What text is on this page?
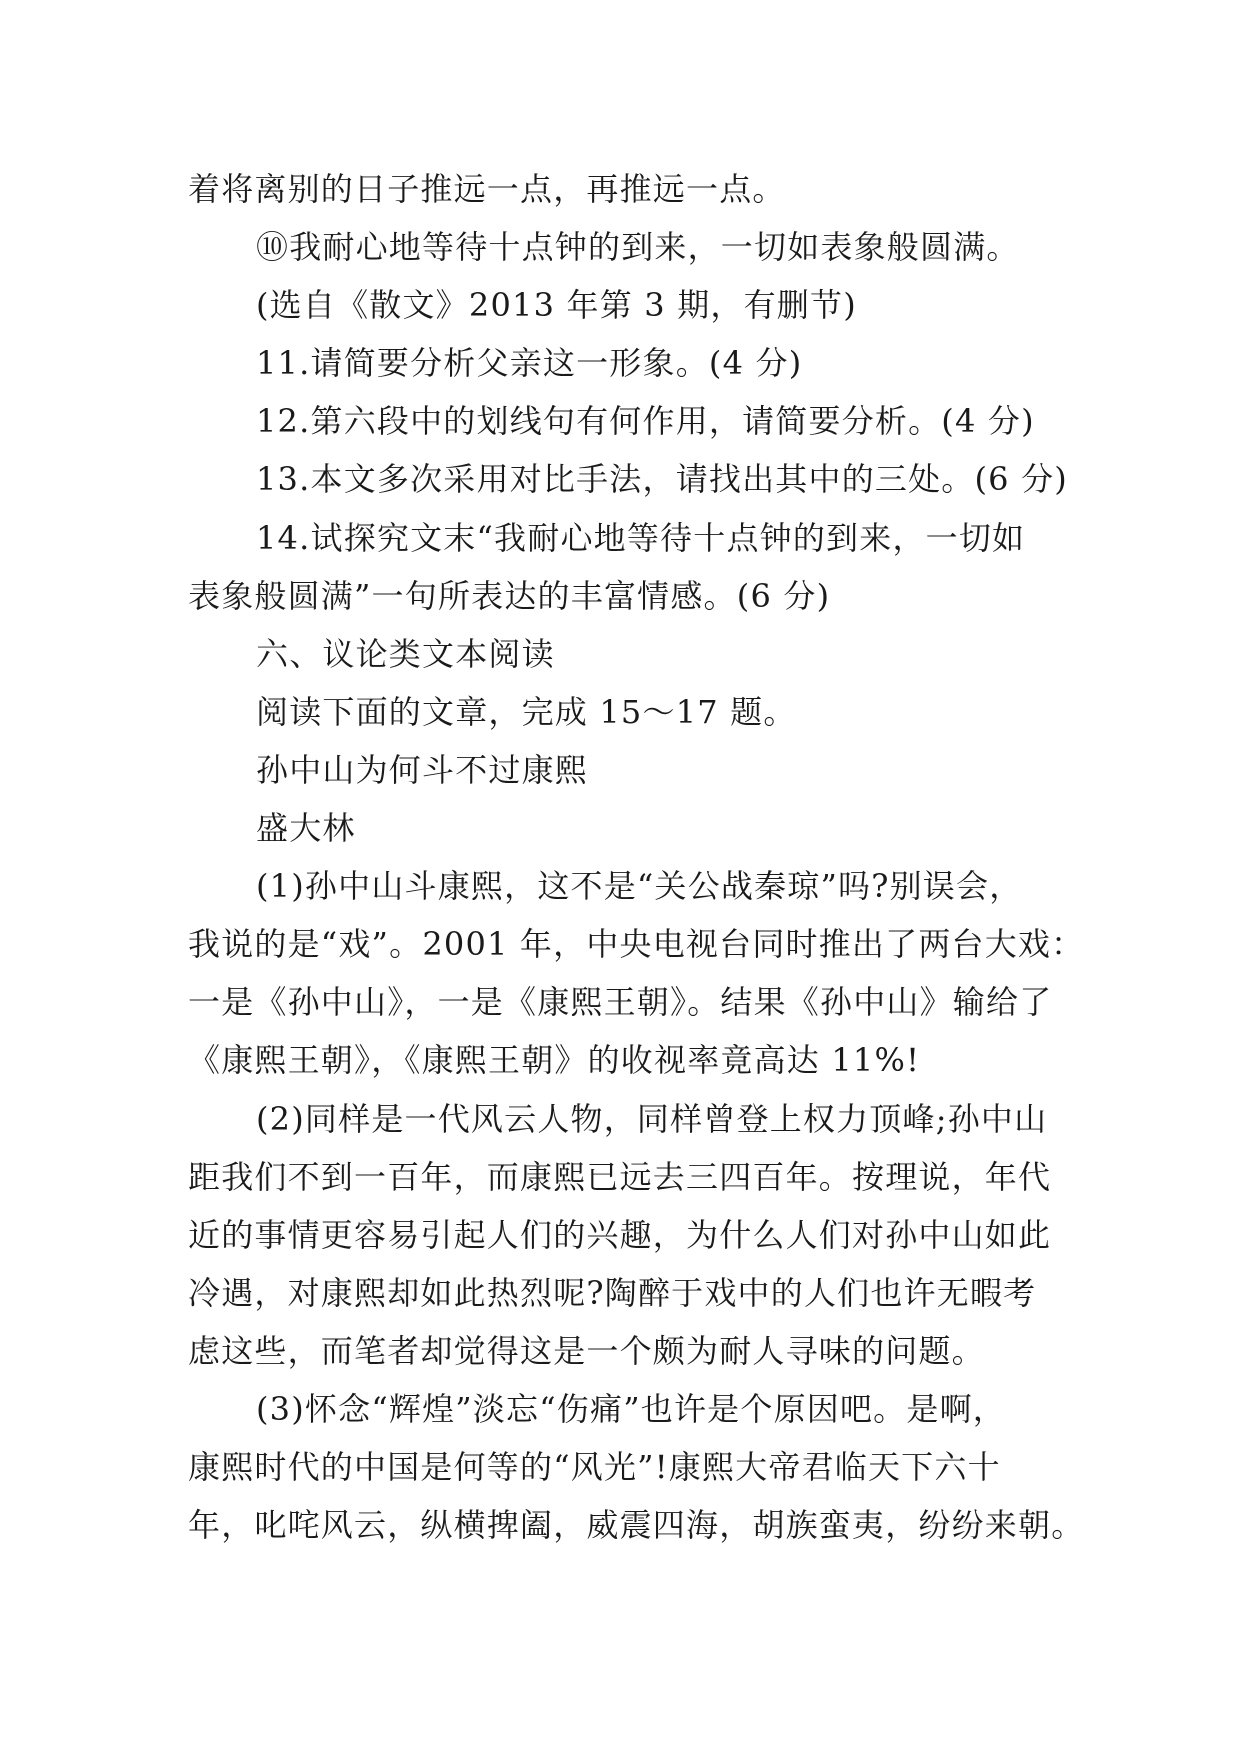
着将离别的日子推远一点，再推远一点。
⑩我耐心地等待十点钟的到来，一切如表象般圆满。
(选自《散文》2013 年第 3 期，有删节)
11.请简要分析父亲这一形象。(4 分)
12.第六段中的划线句有何作用，请简要分析。(4 分)
13.本文多次采用对比手法，请找出其中的三处。(6 分)
14.试探究文末“我耐心地等待十点钟的到来，一切如
表象般圆满”一句所表达的丰富情感。(6 分)
六、议论类文本阅读
阅读下面的文章，完成 15～17 题。
孙中山为何斗不过康熙
盛大林
(1)孙中山斗康熙，这不是“关公战秦琼”吗?别误会，
我说的是“戏”。2001 年，中央电视台同时推出了两台大戏：
一是《孙中山》，一是《康熙王朝》。结果《孙中山》输给了
《康熙王朝》，《康熙王朝》的收视率竟高达 11%!
(2)同样是一代风云人物，同样曾登上权力顶峰;孙中山
距我们不到一百年，而康熙已远去三四百年。按理说，年代
近的事情更容易引起人们的兴趣，为什么人们对孙中山如此
冷遇，对康熙却如此热烈呢?陶醉于戏中的人们也许无暇考
虑这些，而笔者却觉得这是一个颇为耐人寻味的问题。
(3)怀念“辉煌”淡忘“伤痛”也许是个原因吧。是啊，
康熙时代的中国是何等的“风光”!康熙大帝君临天下六十
年，叱咤风云，纵横捭阖，威震四海，胡族蛮夷，纷纷来朝。
